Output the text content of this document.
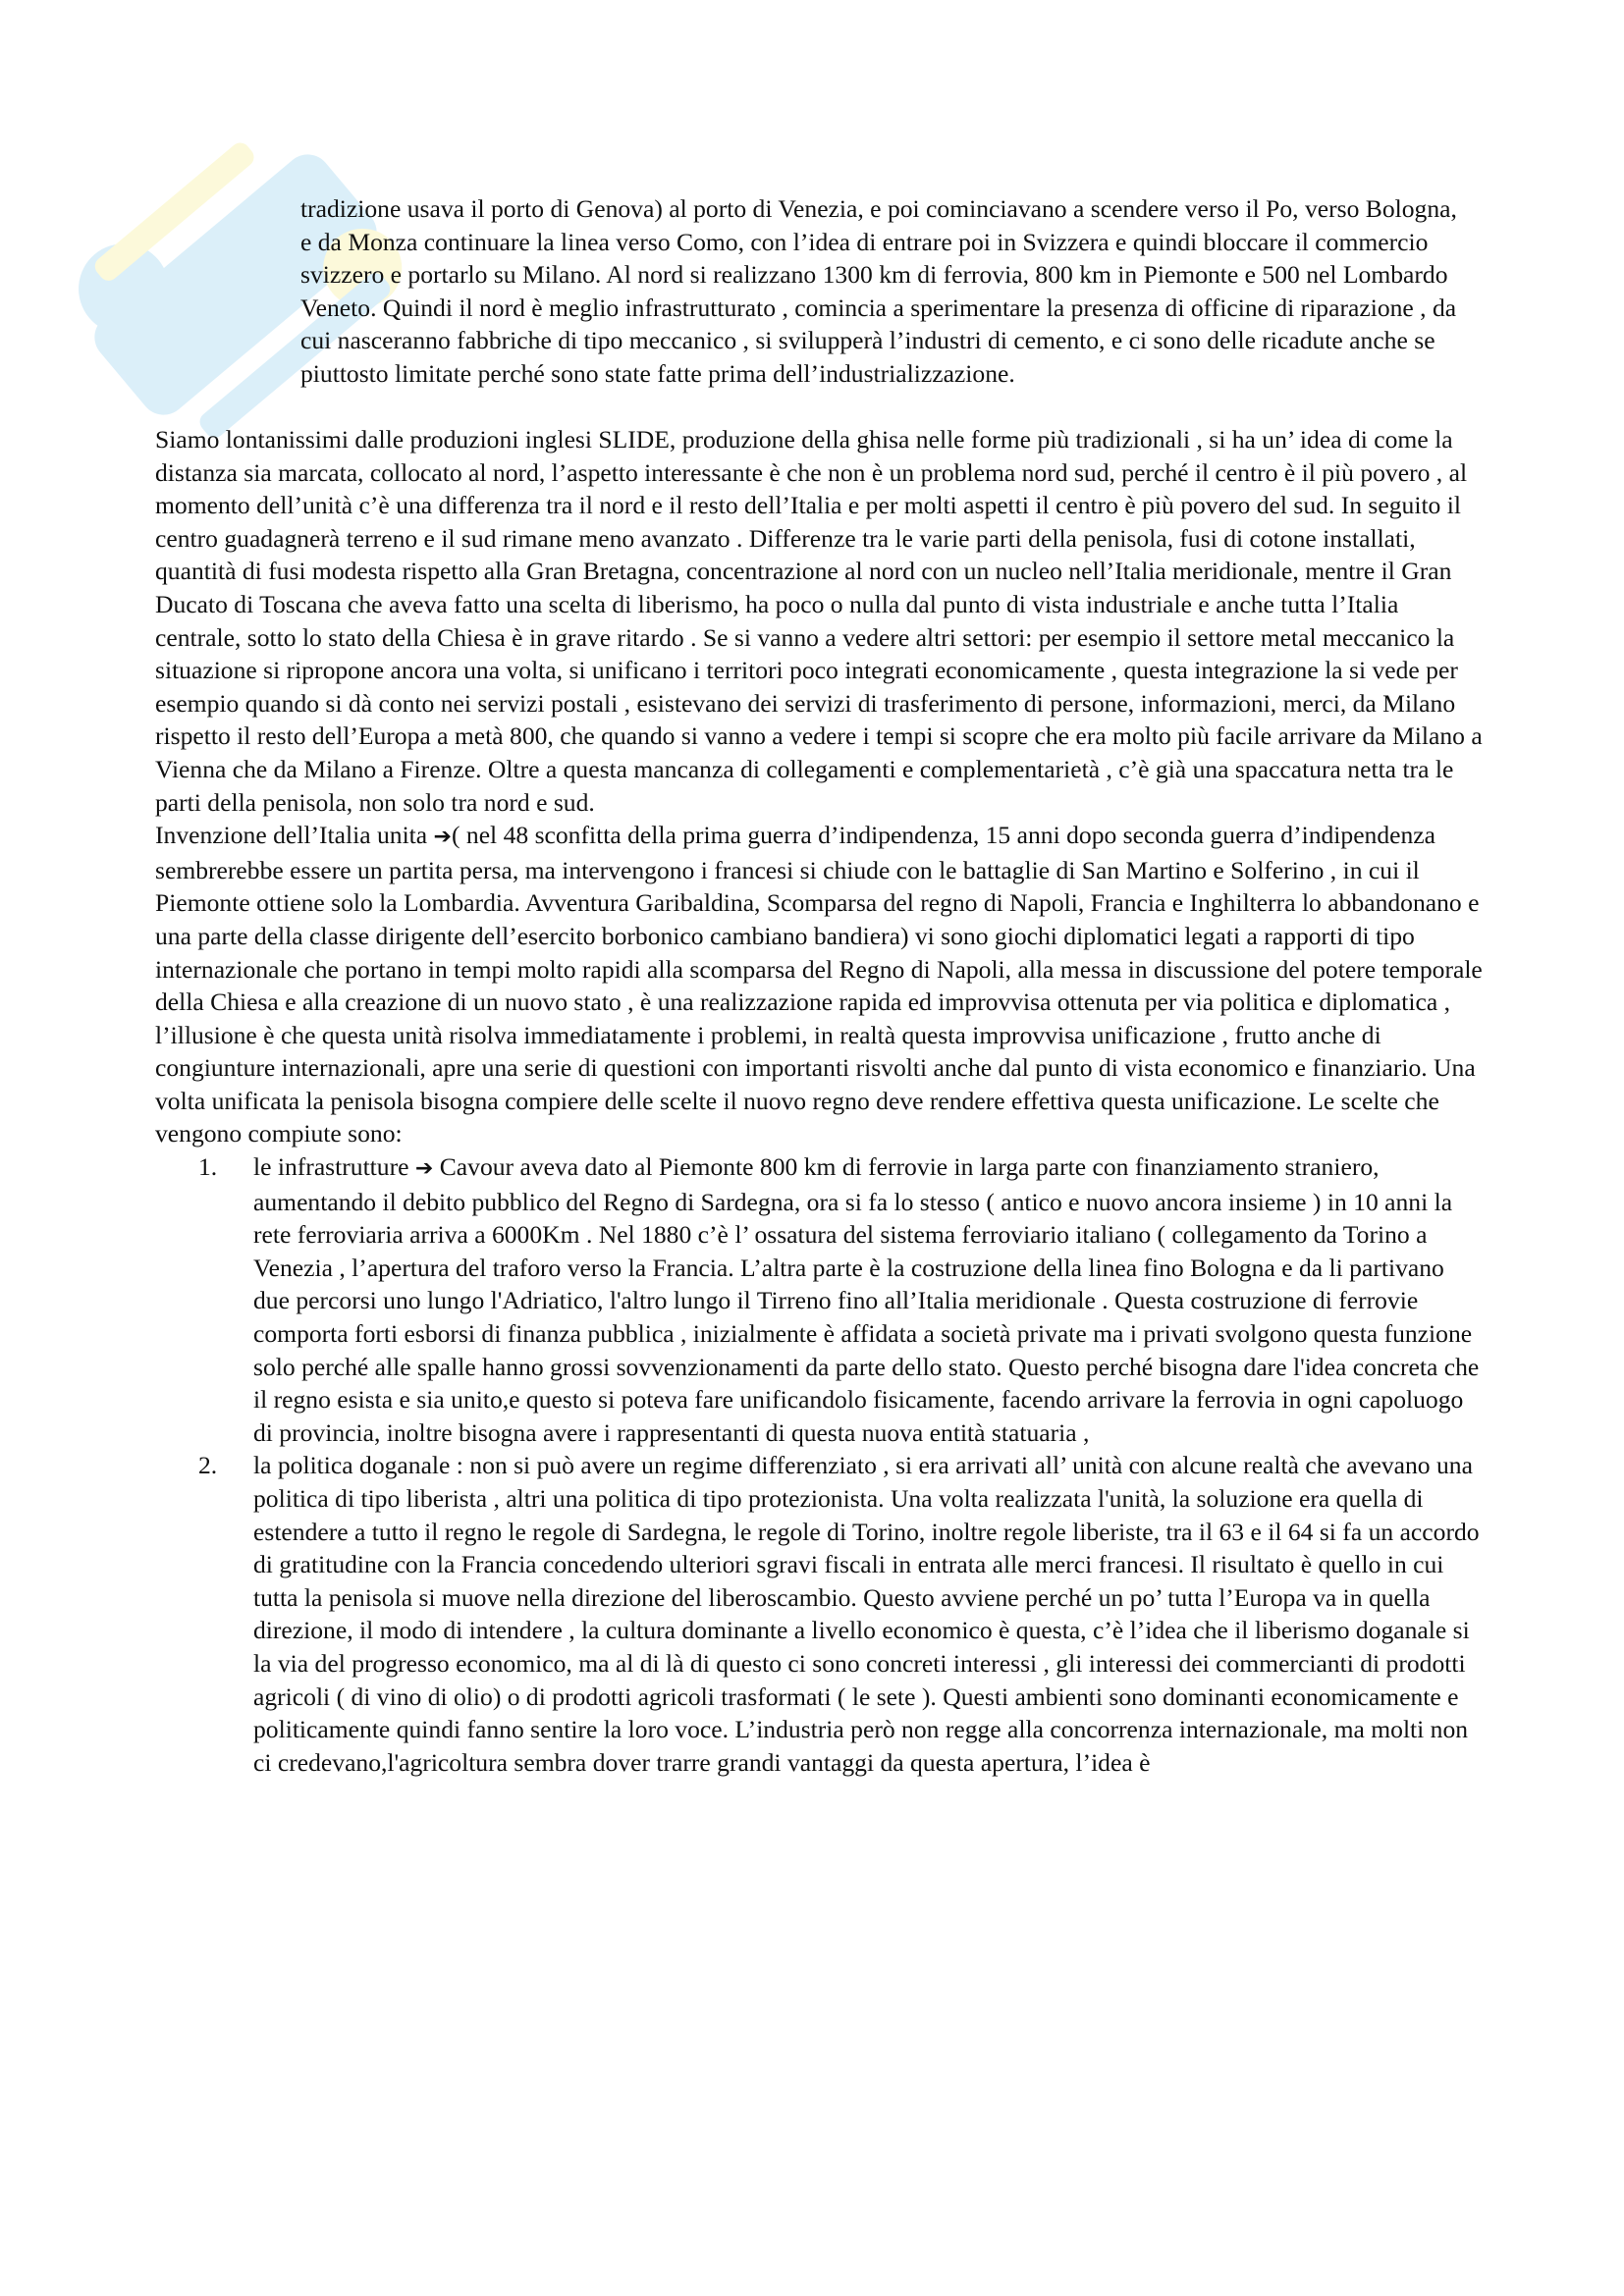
tradizione usava il porto di Genova) al porto di Venezia, e poi cominciavano a scendere verso il Po, verso Bologna, e da Monza continuare la linea verso Como, con l’idea di entrare poi in Svizzera e quindi bloccare il commercio svizzero e portarlo su Milano. Al nord si realizzano 1300 km di ferrovia, 800 km in Piemonte e 500 nel Lombardo Veneto. Quindi il nord è meglio infrastrutturato , comincia a sperimentare la presenza di officine di riparazione , da cui nasceranno fabbriche di tipo meccanico , si svilupperà l’industri di cemento, e ci sono delle ricadute anche se piuttosto limitate perché sono state fatte prima dell’industrializzazione.

Siamo lontanissimi dalle produzioni inglesi SLIDE, produzione della ghisa nelle forme più tradizionali , si ha un’ idea di come la distanza sia marcata, collocato al nord, l’aspetto interessante è che non è un problema nord sud, perché il centro è il più povero , al momento dell’unità c’è una differenza tra il nord e il resto dell’Italia e per molti aspetti il centro è più povero del sud. In seguito il centro guadagnerà terreno e il sud rimane meno avanzato . Differenze tra le varie parti della penisola, fusi di cotone installati, quantità di fusi modesta rispetto alla Gran Bretagna, concentrazione al nord con un nucleo nell’Italia meridionale, mentre il Gran Ducato di Toscana che aveva fatto una scelta di liberismo, ha poco o nulla dal punto di vista industriale e anche tutta l’Italia centrale, sotto lo stato della Chiesa è in grave ritardo . Se si vanno a vedere altri settori: per esempio il settore metal meccanico la situazione si ripropone ancora una volta, si unificano i territori poco integrati economicamente , questa integrazione la si vede per esempio quando si dà conto nei servizi postali , esistevano dei servizi di trasferimento di persone, informazioni, merci, da Milano rispetto il resto dell’Europa a metà 800, che quando si vanno a vedere i tempi si scopre che era molto più facile arrivare da Milano a Vienna che da Milano a Firenze. Oltre a questa mancanza di collegamenti e complementarietà , c’è già una spaccatura netta tra le parti della penisola, non solo tra nord e sud.

Invenzione dell’Italia unita ➔( nel 48 sconfitta della prima guerra d’indipendenza, 15 anni dopo seconda guerra d’indipendenza sembrerebbe essere un partita persa, ma intervengono i francesi si chiude con le battaglie di San Martino e Solferino , in cui il Piemonte ottiene solo la Lombardia. Avventura Garibaldina, Scomparsa del regno di Napoli, Francia e Inghilterra lo abbandonano e una parte della classe dirigente dell’esercito borbonico cambiano bandiera) vi sono giochi diplomatici legati a rapporti di tipo internazionale che portano in tempi molto rapidi alla scomparsa del Regno di Napoli, alla messa in discussione del potere temporale della Chiesa e alla creazione di un nuovo stato , è una realizzazione rapida ed improvvisa ottenuta per via politica e diplomatica , l’illusione è che questa unità risolva immediatamente i problemi, in realtà questa improvvisa unificazione , frutto anche di congiunture internazionali, apre una serie di questioni con importanti risvolti anche dal punto di vista economico e finanziario. Una volta unificata la penisola bisogna compiere delle scelte il nuovo regno deve rendere effettiva questa unificazione. Le scelte che vengono compiute sono:

1. le infrastrutture ➔ Cavour aveva dato al Piemonte 800 km di ferrovie in larga parte con finanziamento straniero, aumentando il debito pubblico del Regno di Sardegna, ora si fa lo stesso ( antico e nuovo ancora insieme ) in 10 anni la rete ferroviaria arriva a 6000Km . Nel 1880 c’è l’ ossatura del sistema ferroviario italiano ( collegamento da Torino a Venezia , l’apertura del traforo verso la Francia. L’altra parte è la costruzione della linea fino Bologna e da li partivano due percorsi uno lungo l'Adriatico, l'altro lungo il Tirreno fino all’Italia meridionale . Questa costruzione di ferrovie comporta forti esborsi di finanza pubblica , inizialmente è affidata a società private ma i privati svolgono questa funzione solo perché alle spalle hanno grossi sovvenzionamenti da parte dello stato. Questo perché bisogna dare l'idea concreta che il regno esista e sia unito,e questo si poteva fare unificandolo fisicamente, facendo arrivare la ferrovia in ogni capoluogo di provincia, inoltre bisogna avere i rappresentanti di questa nuova entità statuaria ,
2. la politica doganale : non si può avere un regime differenziato , si era arrivati all’ unità con alcune realtà che avevano una politica di tipo liberista , altri una politica di tipo protezionista. Una volta realizzata l'unità, la soluzione era quella di estendere a tutto il regno le regole di Sardegna, le regole di Torino, inoltre regole liberiste, tra il 63 e il 64 si fa un accordo di gratitudine con la Francia concedendo ulteriori sgravi fiscali in entrata alle merci francesi. Il risultato è quello in cui tutta la penisola si muove nella direzione del liberoscambio. Questo avviene perché un po’ tutta l’Europa va in quella direzione, il modo di intendere , la cultura dominante a livello economico è questa, c’è l’idea che il liberismo doganale si la via del progresso economico, ma al di là di questo ci sono concreti interessi , gli interessi dei commercianti di prodotti agricoli ( di vino di olio) o di prodotti agricoli trasformati ( le sete ). Questi ambienti sono dominanti economicamente e politicamente quindi fanno sentire la loro voce. L’industria però non regge alla concorrenza internazionale, ma molti non ci credevano,l'agricoltura sembra dover trarre grandi vantaggi da questa apertura, l’idea è
